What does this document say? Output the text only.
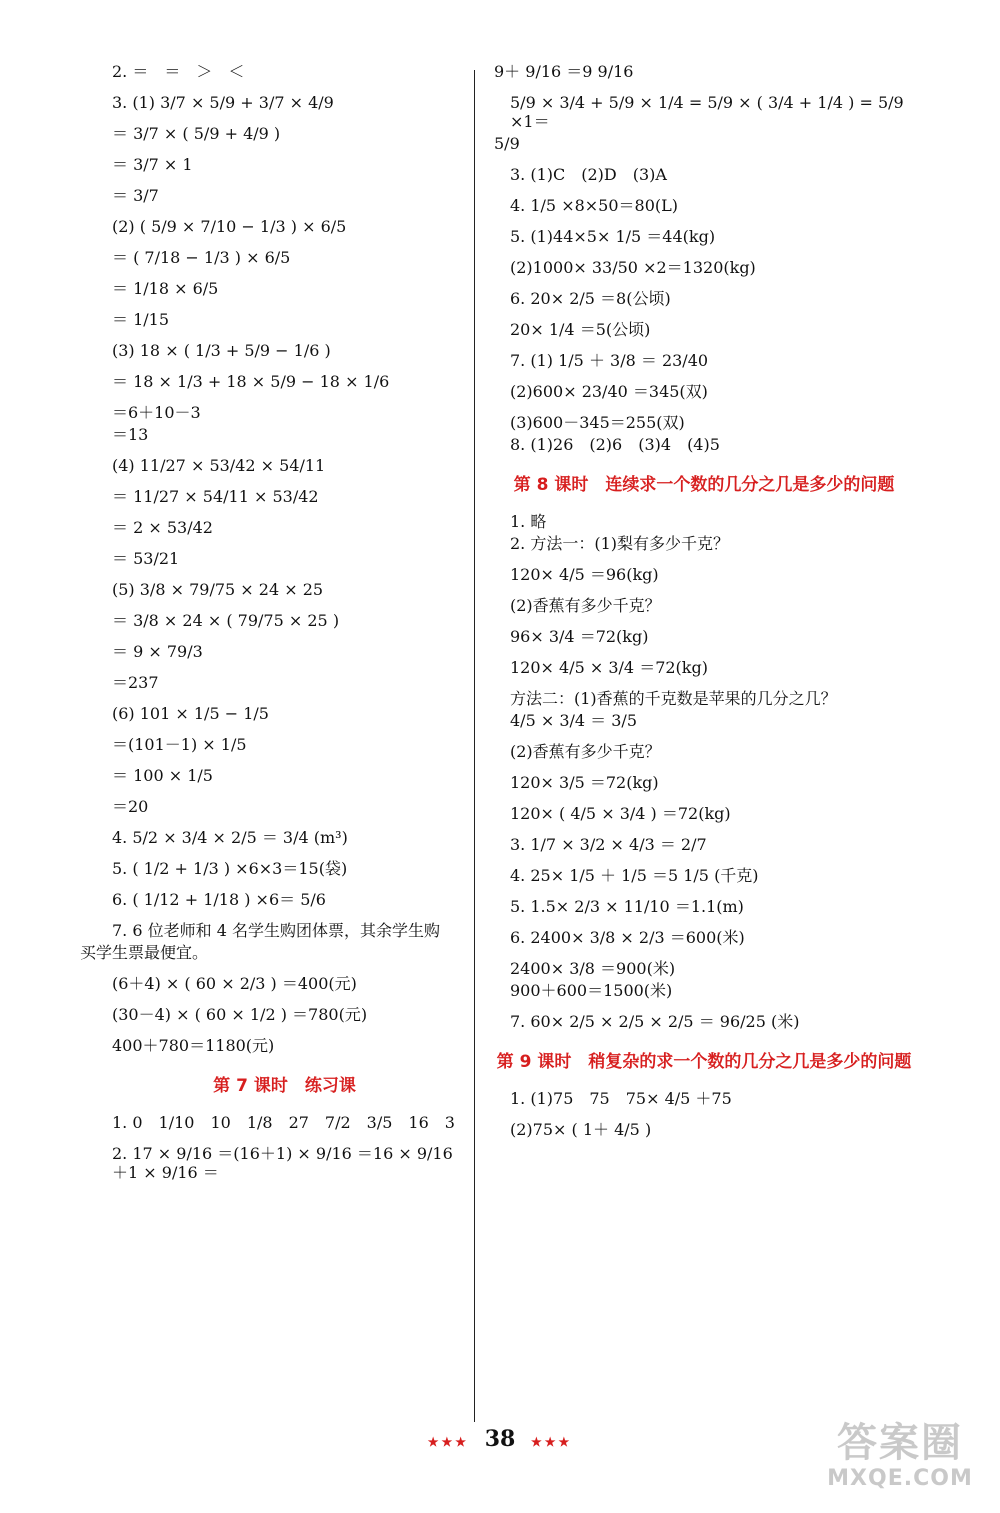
2. ＝　＝　＞　＜
3. (1) 3/7 × 5/9 + 3/7 × 4/9
＝ 3/7 × ( 5/9 + 4/9 )
＝ 3/7 × 1
＝ 3/7
(2) ( 5/9 × 7/10 − 1/3 ) × 6/5
＝ ( 7/18 − 1/3 ) × 6/5
＝ 1/18 × 6/5
＝ 1/15
(3) 18 × ( 1/3 + 5/9 − 1/6 )
＝ 18 × 1/3 + 18 × 5/9 − 18 × 1/6
＝6＋10－3
＝13
(4) 11/27 × 53/42 × 54/11
＝ 11/27 × 54/11 × 53/42
＝ 2 × 53/42
＝ 53/21
(5) 3/8 × 79/75 × 24 × 25
＝ 3/8 × 24 × ( 79/75 × 25 )
＝ 9 × 79/3
＝237
(6) 101 × 1/5 − 1/5
＝(101－1) × 1/5
＝ 100 × 1/5
＝20
4. 5/2 × 3/4 × 2/5 ＝ 3/4 (m³)
5. ( 1/2 + 1/3 ) ×6×3＝15(袋)
6. ( 1/12 + 1/18 ) ×6＝ 5/6
7. 6 位老师和 4 名学生购团体票，其余学生购
买学生票最便宜。
(6＋4) × ( 60 × 2/3 ) ＝400(元)
(30－4) × ( 60 × 1/2 ) ＝780(元)
400＋780＝1180(元)
第 7 课时　练习课
1. 0　1/10　10　1/8　27　7/2　3/5　16　3
2. 17 × 9/16 ＝(16＋1) × 9/16 ＝16 × 9/16 ＋1 × 9/16 ＝
9＋ 9/16 ＝9 9/16
5/9 × 3/4 + 5/9 × 1/4 = 5/9 × ( 3/4 + 1/4 ) = 5/9 ×1＝
5/9
3. (1)C　(2)D　(3)A
4. 1/5 ×8×50＝80(L)
5. (1)44×5× 1/5 ＝44(kg)
(2)1000× 33/50 ×2＝1320(kg)
6. 20× 2/5 ＝8(公顷)
20× 1/4 ＝5(公顷)
7. (1) 1/5 ＋ 3/8 ＝ 23/40
(2)600× 23/40 ＝345(双)
(3)600－345＝255(双)
8. (1)26　(2)6　(3)4　(4)5
第 8 课时　连续求一个数的几分之几是多少的问题
1. 略
2. 方法一：(1)梨有多少千克？
120× 4/5 ＝96(kg)
(2)香蕉有多少千克？
96× 3/4 ＝72(kg)
120× 4/5 × 3/4 ＝72(kg)
方法二：(1)香蕉的千克数是苹果的几分之几？
4/5 × 3/4 ＝ 3/5
(2)香蕉有多少千克？
120× 3/5 ＝72(kg)
120× ( 4/5 × 3/4 ) ＝72(kg)
3. 1/7 × 3/2 × 4/3 ＝ 2/7
4. 25× 1/5 ＋ 1/5 ＝5 1/5 (千克)
5. 1.5× 2/3 × 11/10 ＝1.1(m)
6. 2400× 3/8 × 2/3 ＝600(米)
2400× 3/8 ＝900(米)
900＋600＝1500(米)
7. 60× 2/5 × 2/5 × 2/5 ＝ 96/25 (米)
第 9 课时　稍复杂的求一个数的几分之几是多少的问题
1. (1)75　75　75× 4/5 ＋75
(2)75× ( 1＋ 4/5 )
★★★ 38 ★★★	答案圈
MXQE.COM
